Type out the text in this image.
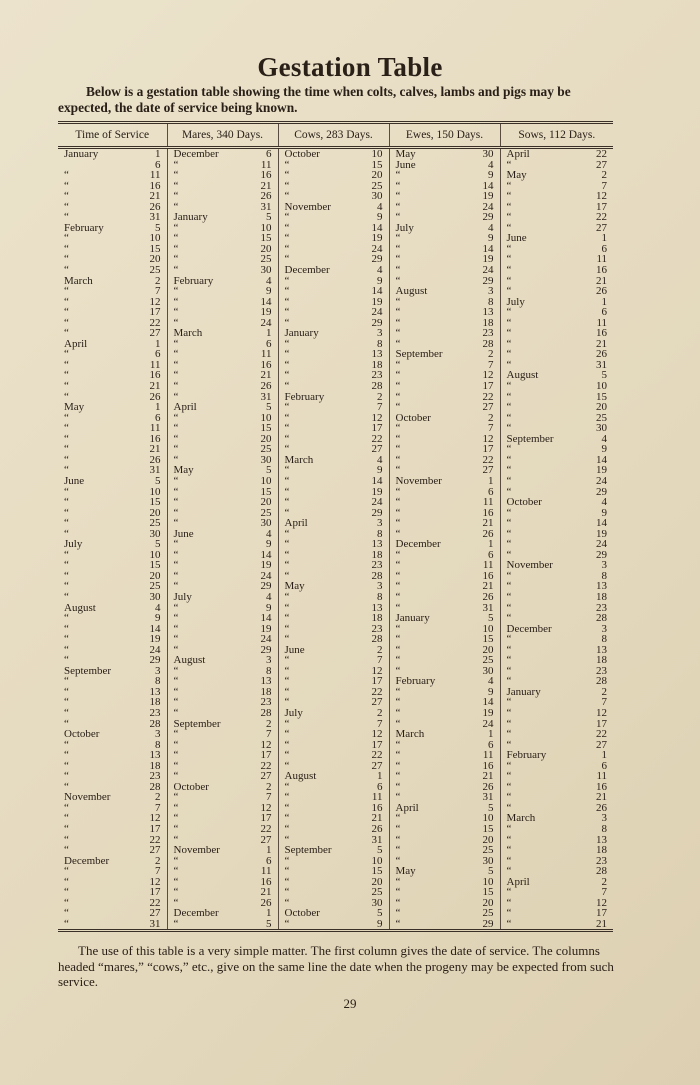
Gestation Table
Below is a gestation table showing the time when colts, calves, lambs and pigs may be expected, the date of service being known.
Time of Service		Mares, 340 Days.		Cows, 283 Days.		Ewes, 150 Days.		Sows, 112 Days.	
January	1	December	6	October	10	May	30	April	22
	6	“	11	“	15	June	4	“	27
“	11	“	16	“	20	“	9	May	2
“	16	“	21	“	25	“	14	“	7
“	21	“	26	“	30	“	19	“	12
“	26	“	31	November	4	“	24	“	17
“	31	January	5	“	9	“	29	“	22
February	5	“	10	“	14	July	4	“	27
“	10	“	15	“	19	“	9	June	1
“	15	“	20	“	24	“	14	“	6
“	20	“	25	“	29	“	19	“	11
“	25	“	30	December	4	“	24	“	16
March	2	February	4	“	9	“	29	“	21
“	7	“	9	“	14	August	3	“	26
“	12	“	14	“	19	“	8	July	1
“	17	“	19	“	24	“	13	“	6
“	22	“	24	“	29	“	18	“	11
“	27	March	1	January	3	“	23	“	16
April	1	“	6	“	8	“	28	“	21
“	6	“	11	“	13	September	2	“	26
“	11	“	16	“	18	“	7	“	31
“	16	“	21	“	23	“	12	August	5
“	21	“	26	“	28	“	17	“	10
“	26	“	31	February	2	“	22	“	15
May	1	April	5	“	7	“	27	“	20
“	6	“	10	“	12	October	2	“	25
“	11	“	15	“	17	“	7	“	30
“	16	“	20	“	22	“	12	September	4
“	21	“	25	“	27	“	17	“	9
“	26	“	30	March	4	“	22	“	14
“	31	May	5	“	9	“	27	“	19
June	5	“	10	“	14	November	1	“	24
“	10	“	15	“	19	“	6	“	29
“	15	“	20	“	24	“	11	October	4
“	20	“	25	“	29	“	16	“	9
“	25	“	30	April	3	“	21	“	14
“	30	June	4	“	8	“	26	“	19
July	5	“	9	“	13	December	1	“	24
“	10	“	14	“	18	“	6	“	29
“	15	“	19	“	23	“	11	November	3
“	20	“	24	“	28	“	16	“	8
“	25	“	29	May	3	“	21	“	13
“	30	July	4	“	8	“	26	“	18
August	4	“	9	“	13	“	31	“	23
“	9	“	14	“	18	January	5	“	28
“	14	“	19	“	23	“	10	December	3
“	19	“	24	“	28	“	15	“	8
“	24	“	29	June	2	“	20	“	13
“	29	August	3	“	7	“	25	“	18
September	3	“	8	“	12	“	30	“	23
“	8	“	13	“	17	February	4	“	28
“	13	“	18	“	22	“	9	January	2
“	18	“	23	“	27	“	14	“	7
“	23	“	28	July	2	“	19	“	12
“	28	September	2	“	7	“	24	“	17
October	3	“	7	“	12	March	1	“	22
“	8	“	12	“	17	“	6	“	27
“	13	“	17	“	22	“	11	February	1
“	18	“	22	“	27	“	16	“	6
“	23	“	27	August	1	“	21	“	11
“	28	October	2	“	6	“	26	“	16
November	2	“	7	“	11	“	31	“	21
“	7	“	12	“	16	April	5	“	26
“	12	“	17	“	21	“	10	March	3
“	17	“	22	“	26	“	15	“	8
“	22	“	27	“	31	“	20	“	13
“	27	November	1	September	5	“	25	“	18
December	2	“	6	“	10	“	30	“	23
“	7	“	11	“	15	May	5	“	28
“	12	“	16	“	20	“	10	April	2
“	17	“	21	“	25	“	15	“	7
“	22	“	26	“	30	“	20	“	12
“	27	December	1	October	5	“	25	“	17
“	31	“	5	“	9	“	29	“	21
The use of this table is a very simple matter. The first column gives the date of service. The columns headed “mares,” “cows,” etc., give on the same line the date when the progeny may be expected from such service.
29
